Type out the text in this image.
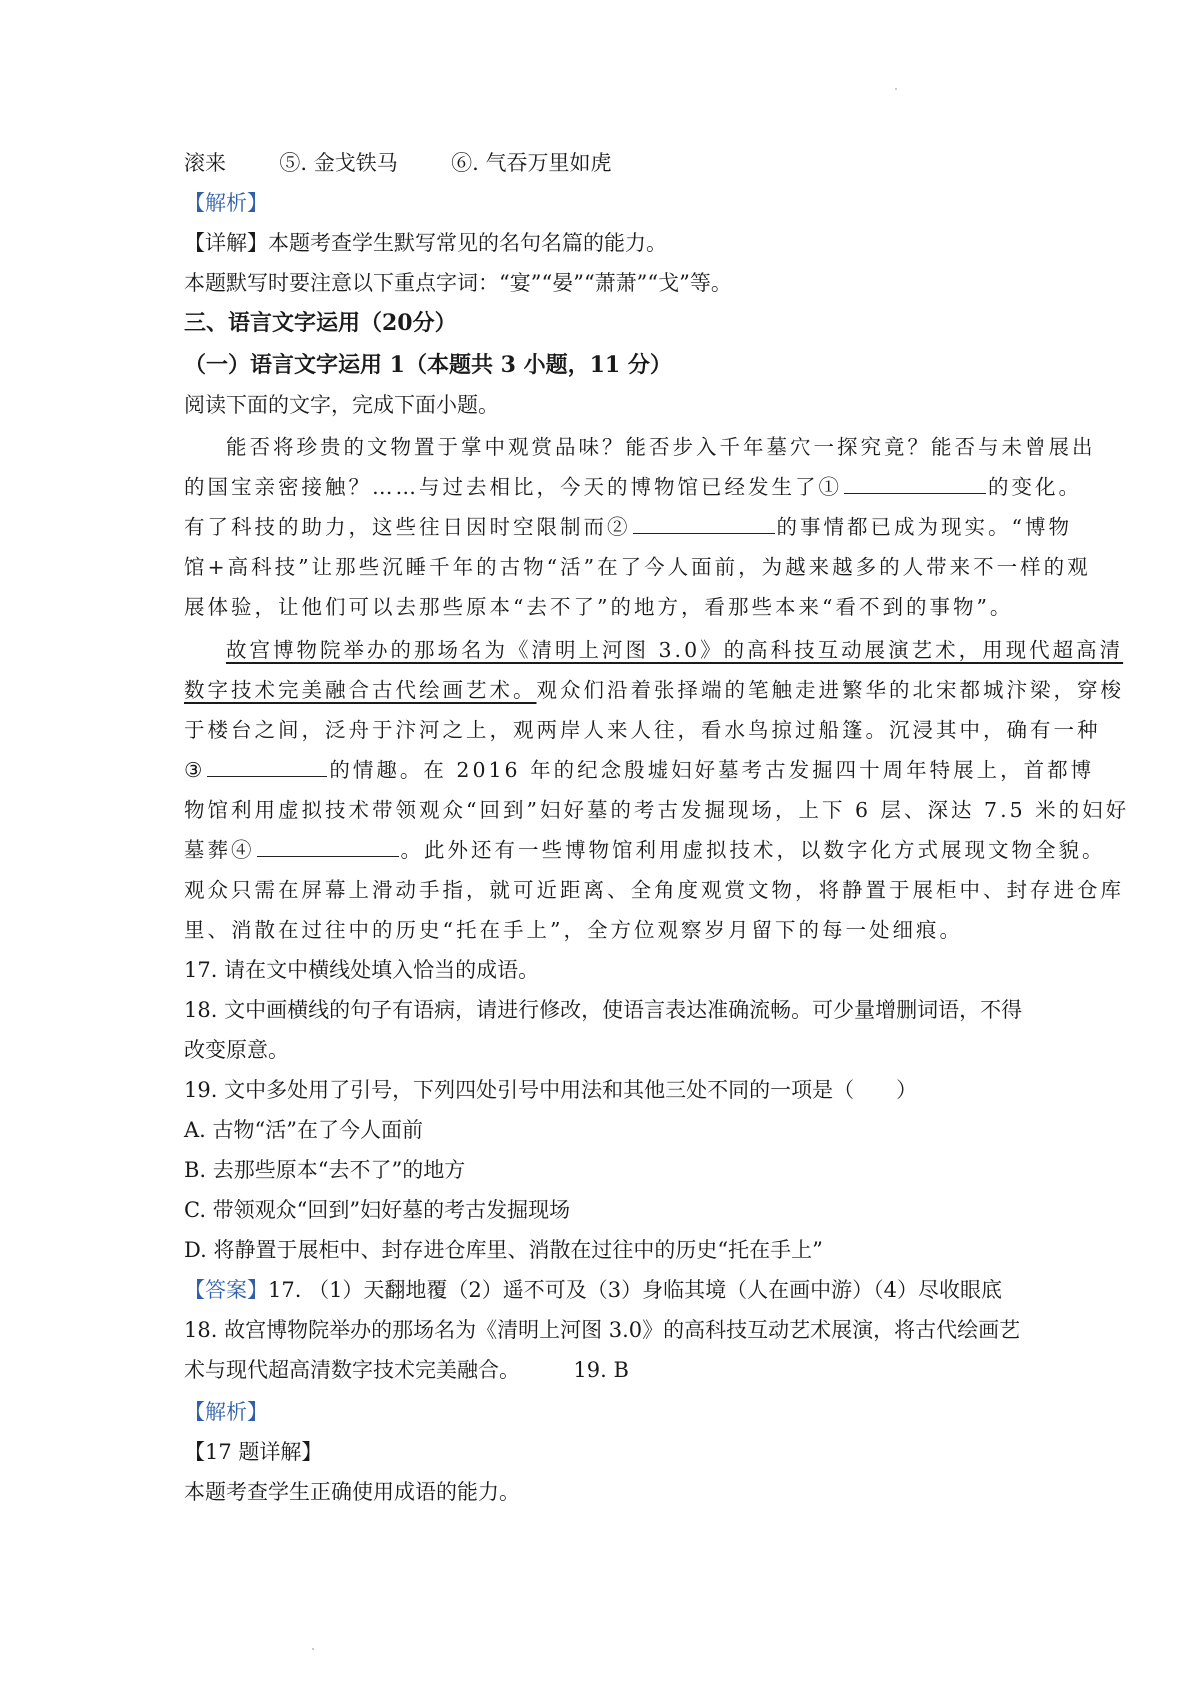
滚来	⑤. 金戈铁马	⑥. 气吞万里如虎
【解析】
【详解】本题考查学生默写常见的名句名篇的能力。
本题默写时要注意以下重点字词：“宴”“晏”“萧萧”“戈”等。
三、语言文字运用（20分）
（一）语言文字运用 1（本题共 3 小题，11 分）
阅读下面的文字，完成下面小题。
能否将珍贵的文物置于掌中观赏品味？能否步入千年墓穴一探究竟？能否与未曾展出
的国宝亲密接触？……与过去相比，今天的博物馆已经发生了①	的变化。
有了科技的助力，这些往日因时空限制而②	的事情都已成为现实。“博物
馆+高科技”让那些沉睡千年的古物“活”在了今人面前，为越来越多的人带来不一样的观
展体验，让他们可以去那些原本“去不了”的地方，看那些本来“看不到的事物”。
故宫博物院举办的那场名为《清明上河图 3.0》的高科技互动展演艺术，用现代超高清
数字技术完美融合古代绘画艺术。观众们沿着张择端的笔触走进繁华的北宋都城汴梁，穿梭
于楼台之间，泛舟于汴河之上，观两岸人来人往，看水鸟掠过船篷。沉浸其中，确有一种
③	的情趣。在 2016 年的纪念殷墟妇好墓考古发掘四十周年特展上，首都博
物馆利用虚拟技术带领观众“回到”妇好墓的考古发掘现场，上下 6 层、深达 7.5 米的妇好
墓葬④	。此外还有一些博物馆利用虚拟技术，以数字化方式展现文物全貌。
观众只需在屏幕上滑动手指，就可近距离、全角度观赏文物，将静置于展柜中、封存进仓库
里、消散在过往中的历史“托在手上”，全方位观察岁月留下的每一处细痕。
17. 请在文中横线处填入恰当的成语。
18. 文中画横线的句子有语病，请进行修改，使语言表达准确流畅。可少量增删词语，不得
改变原意。
19. 文中多处用了引号，下列四处引号中用法和其他三处不同的一项是（　　）
A. 古物“活”在了今人面前
B. 去那些原本“去不了”的地方
C. 带领观众“回到”妇好墓的考古发掘现场
D. 将静置于展柜中、封存进仓库里、消散在过往中的历史“托在手上”
【答案】17. （1）天翻地覆（2）遥不可及（3）身临其境（人在画中游）（4）尽收眼底
18. 故宫博物院举办的那场名为《清明上河图 3.0》的高科技互动艺术展演，将古代绘画艺
术与现代超高清数字技术完美融合。	19. B
【解析】
【17 题详解】
本题考查学生正确使用成语的能力。
